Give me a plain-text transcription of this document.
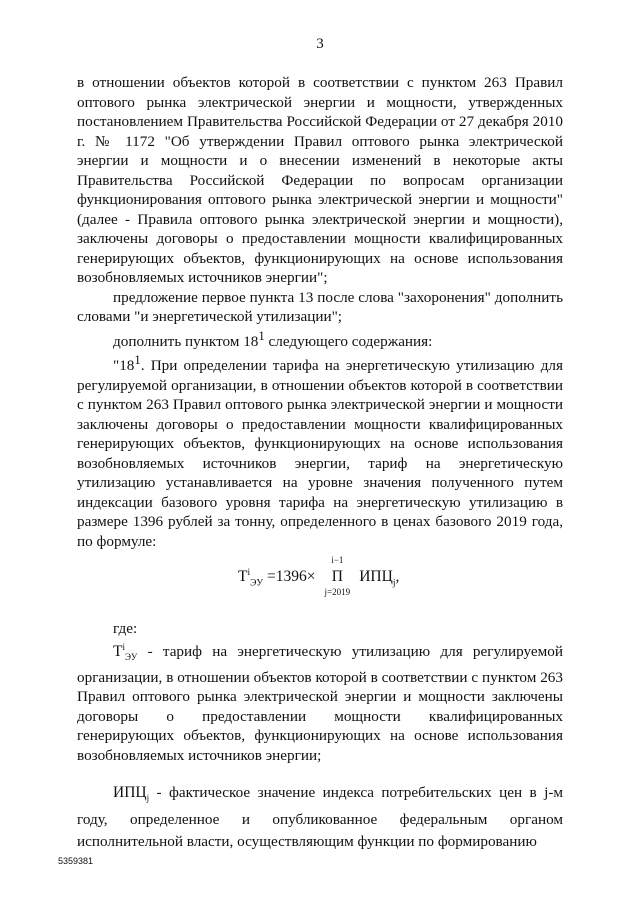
3

в отношении объектов которой в соответствии с пунктом 263 Правил оптового рынка электрической энергии и мощности, утвержденных постановлением Правительства Российской Федерации от 27 декабря 2010 г. № 1172 "Об утверждении Правил оптового рынка электрической энергии и мощности и о внесении изменений в некоторые акты Правительства Российской Федерации по вопросам организации функционирования оптового рынка электрической энергии и мощности" (далее - Правила оптового рынка электрической энергии и мощности), заключены договоры о предоставлении мощности квалифицированных генерирующих объектов, функционирующих на основе использования возобновляемых источников энергии";

предложение первое пункта 13 после слова "захоронения" дополнить словами "и энергетической утилизации";

дополнить пунктом $18^1$ следующего содержания:

"$18^1$. При определении тарифа на энергетическую утилизацию для регулируемой организации, в отношении объектов которой в соответствии с пунктом 263 Правил оптового рынка электрической энергии и мощности заключены договоры о предоставлении мощности квалифицированных генерирующих объектов, функционирующих на основе использования возобновляемых источников энергии, тариф на энергетическую утилизацию устанавливается на уровне значения полученного путем индексации базового уровня тарифа на энергетическую утилизацию в размере 1396 рублей за тонну, определенного в ценах базового 2019 года, по формуле:

$Т^i_{ЭУ} =1396\times$
i−1
Π
j=2019
$ИПЦ_j$,
где:

$Т^i_{ЭУ}$ - тариф на энергетическую утилизацию для регулируемой организации, в отношении объектов которой в соответствии с пунктом 263 Правил оптового рынка электрической энергии и мощности заключены договоры о предоставлении мощности квалифицированных генерирующих объектов, функционирующих на основе использования возобновляемых источников энергии;

$ИПЦ_j$ - фактическое значение индекса потребительских цен в j-м году, определенное и опубликованное федеральным органом исполнительной власти, осуществляющим функции по формированию

5359381
